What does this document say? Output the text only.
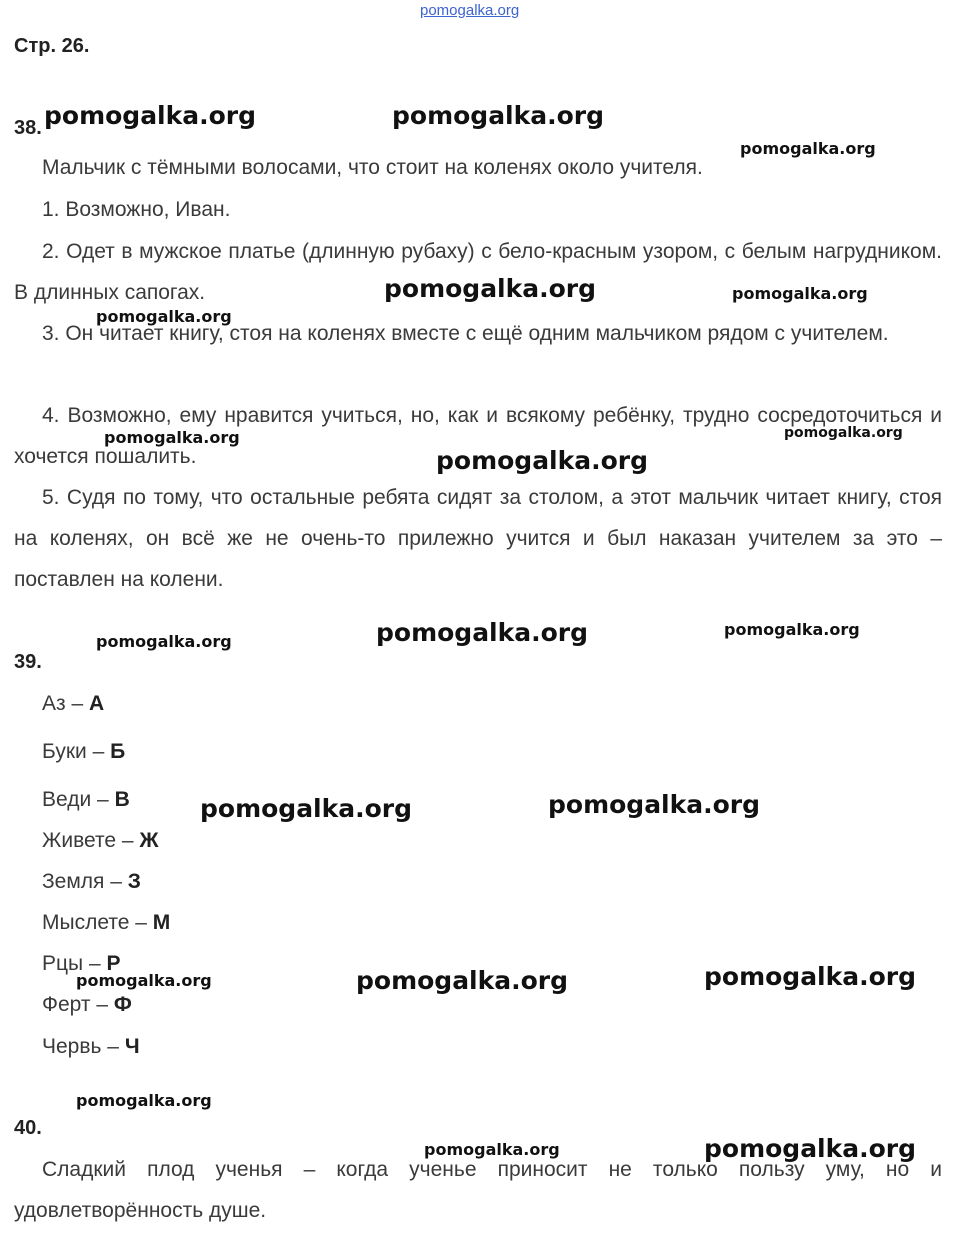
pomogalka.org
Стр. 26.
38.
Мальчик с тёмными волосами, что стоит на коленях около учителя.
1. Возможно, Иван.
2. Одет в мужское платье (длинную рубаху) с бело-красным узором, с белым нагрудником. В длинных сапогах.
3. Он читает книгу, стоя на коленях вместе с ещё одним мальчиком рядом с учителем.
4. Возможно, ему нравится учиться, но, как и всякому ребёнку, трудно сосредоточиться и хочется пошалить.
5. Судя по тому, что остальные ребята сидят за столом, а этот мальчик читает книгу, стоя на коленях, он всё же не очень-то прилежно учится и был наказан учителем за это – поставлен на колени.
39.
Аз – А
Буки – Б
Веди – В
Живете – Ж
Земля – З
Мыслете – М
Рцы – Р
Ферт – Ф
Червь – Ч
40.
Сладкий плод ученья – когда ученье приносит не только пользу уму, но и удовлетворённость душе.
pomogalka.org	pomogalka.org
pomogalka.org
pomogalka.org	pomogalka.org
pomogalka.org
pomogalka.org	pomogalka.org
pomogalka.org
pomogalka.org	pomogalka.org	pomogalka.org
pomogalka.org	pomogalka.org
pomogalka.org	pomogalka.org	pomogalka.org
pomogalka.org
pomogalka.org	pomogalka.org
